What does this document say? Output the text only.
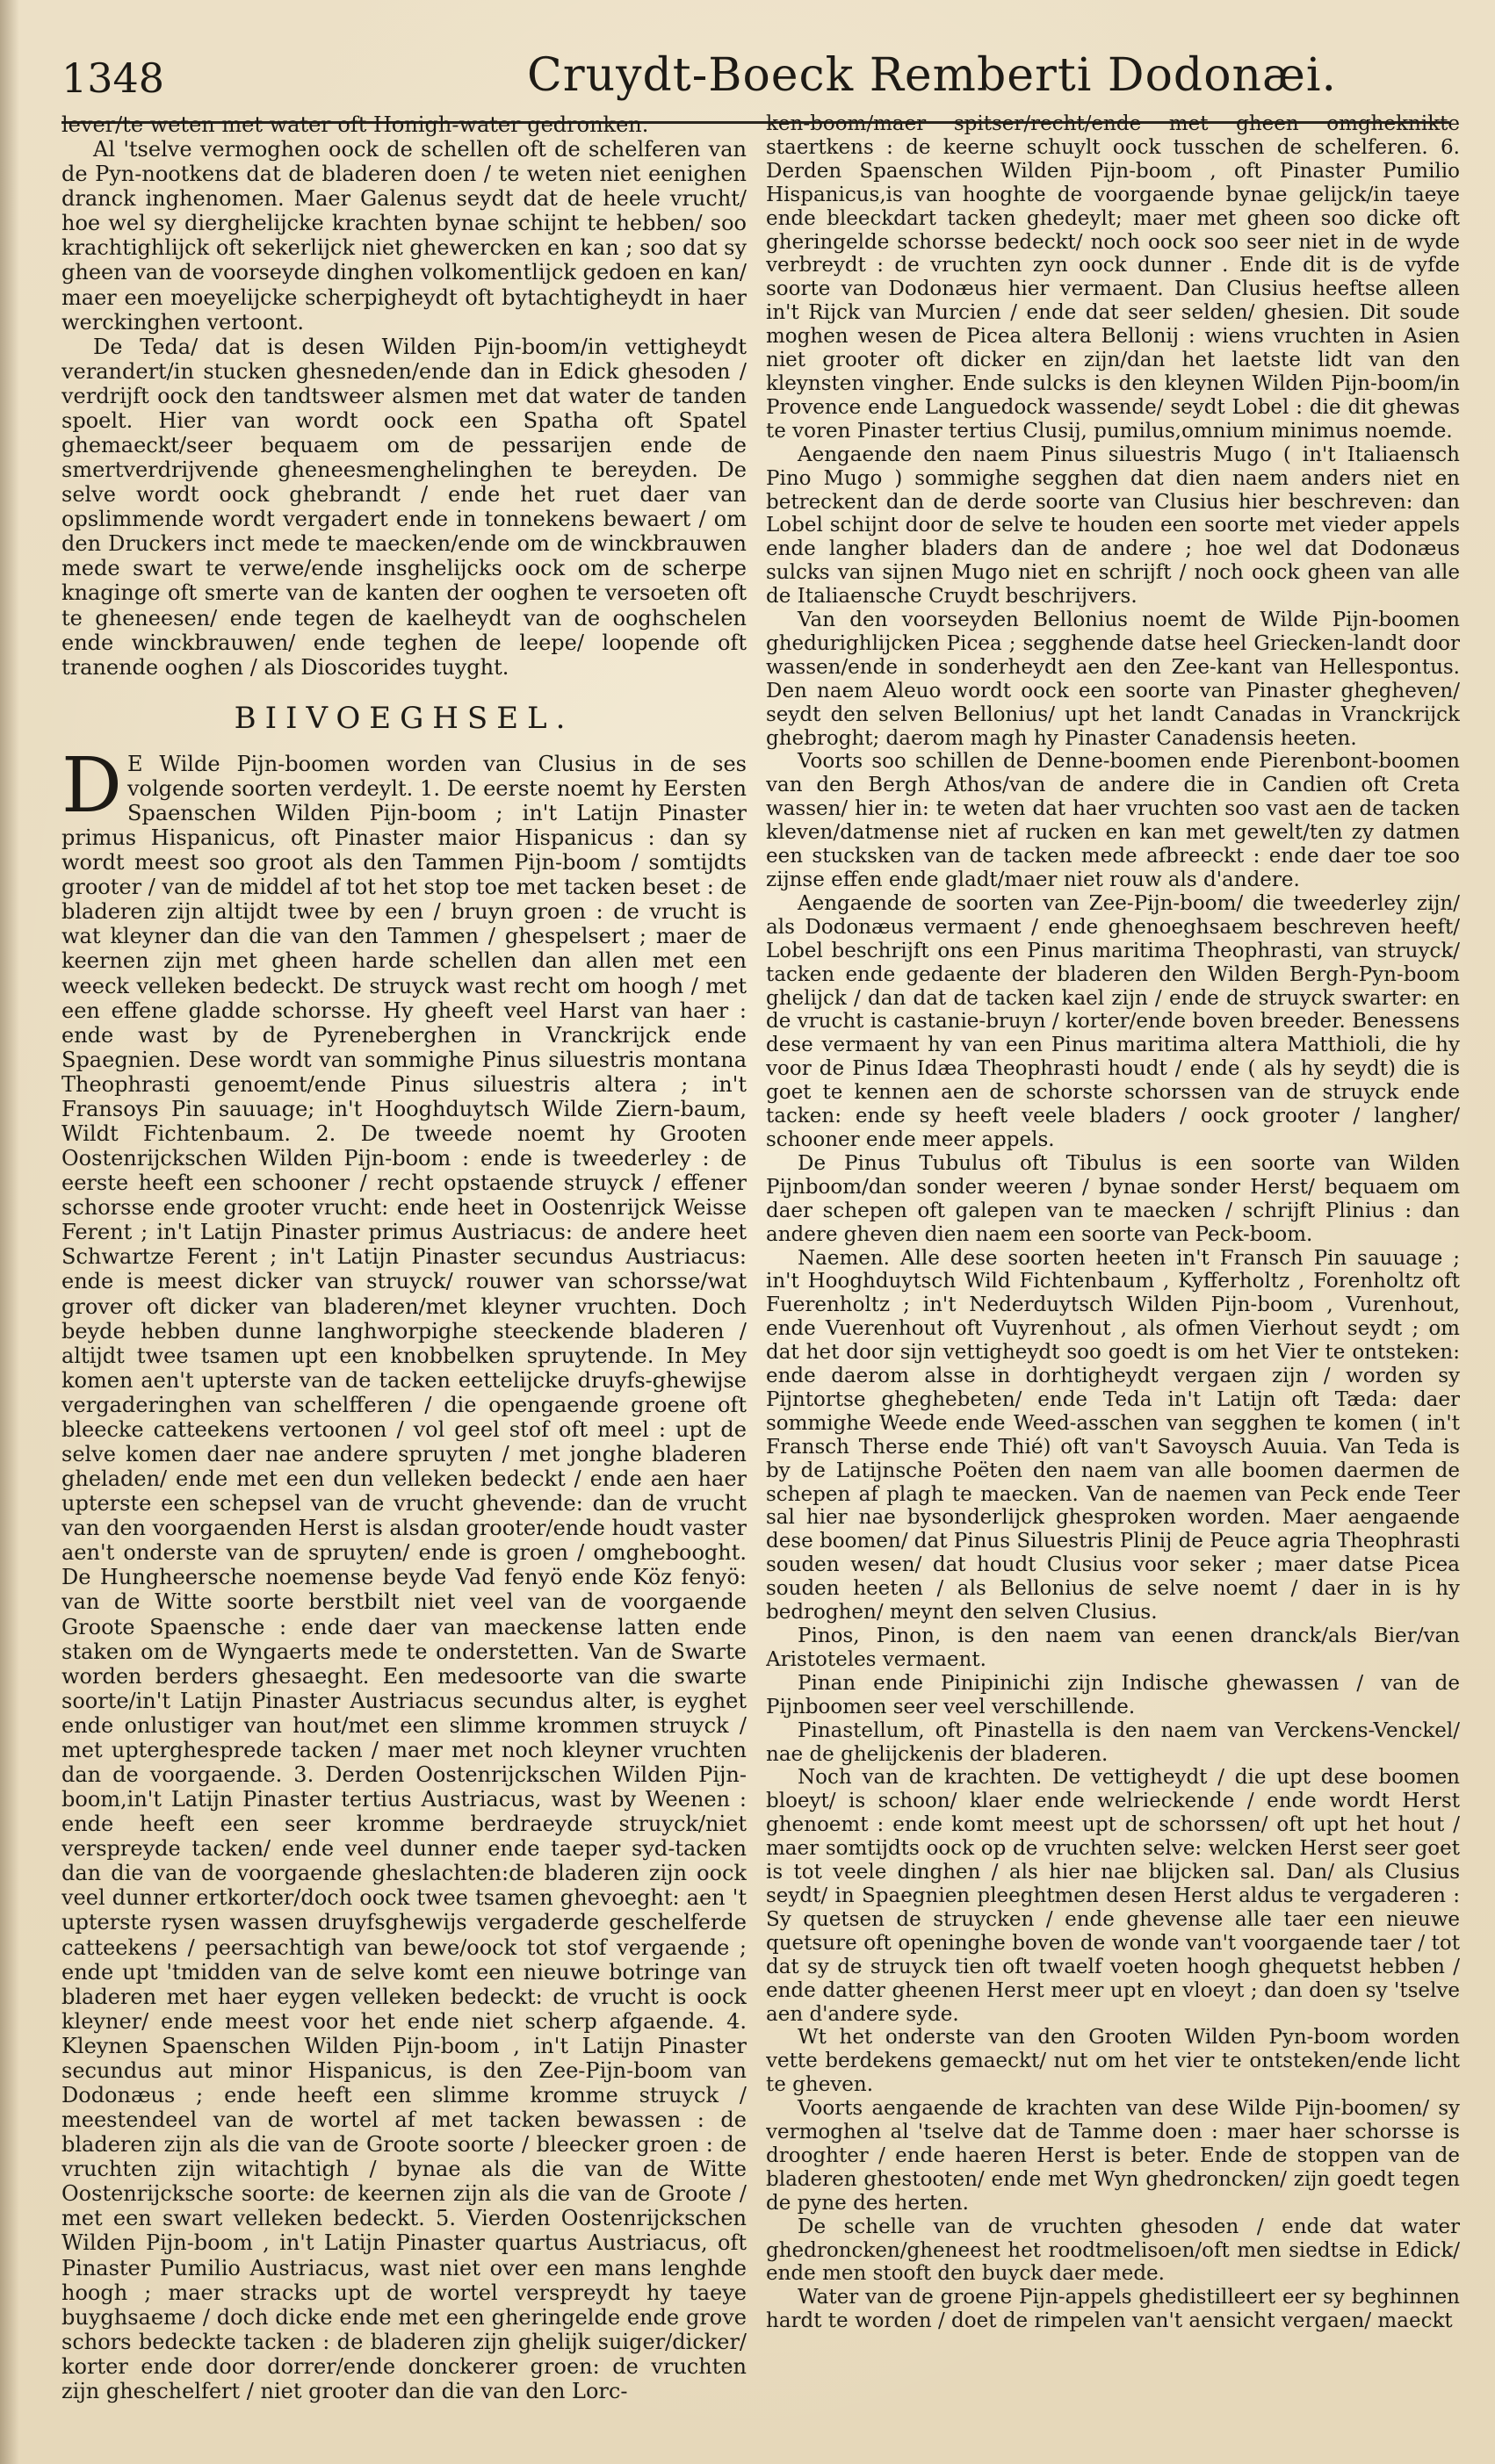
1348	Cruydt-Boeck Remberti Dodonæi.

lever/te weten met water oft Honigh-water gedronken.

Al 'tselve vermoghen oock de schellen oft de schelferen van de Pyn-nootkens dat de bladeren doen / te weten niet eenighen dranck inghenomen. Maer Galenus seydt dat de heele vrucht/ hoe wel sy dierghelijcke krachten bynae schijnt te hebben/ soo krachtighlijck oft sekerlijck niet ghewercken en kan ; soo dat sy gheen van de voorseyde dinghen volkomentlijck gedoen en kan/ maer een moeyelijcke scherpigheydt oft bytachtigheydt in haer werckinghen vertoont.

De Teda/ dat is desen Wilden Pijn-boom/in vettigheydt verandert/in stucken ghesneden/ende dan in Edick ghesoden / verdrijft oock den tandtswеer alsmen met dat water de tanden spoelt. Hier van wordt oock een Spatha oft Spatel ghemaeckt/seer bequaem om de pessarijen ende de smertverdrijvende gheneesmenghelinghen te bereyden. De selve wordt oock ghebrandt / ende het ruet daer van opslimmende wordt vergadert ende in tonnekens bewaert / om den Druckers inct mede te maecken/ende om de winckbrauwen mede swart te verwe/ende insghelijcks oock om de scherpe knaginge oft smerte van de kanten der ooghen te versoeten oft te gheneesen/ ende tegen de kaelheydt van de ooghschelen ende winckbrauwen/ ende teghen de leepe/ loopende oft tranende ooghen / als Dioscorides tuyght.

BIIVOEGHSEL.

D E Wilde Pijn-boomen worden van Clusius in de ses volgende soorten verdeylt. 1. De eerste noemt hy Eersten Spaenschen Wilden Pijn-boom ; in't Latijn Pinaster primus Hispanicus, oft Pinaster maior Hispanicus : dan sy wordt meest soo groot als den Tammen Pijn-boom / somtijdts grooter / van de middel af tot het stop toe met tacken beset : de bladeren zijn altijdt twee by een / bruyn groen : de vrucht is wat kleyner dan die van den Tammen / ghespelsert ; maer de keernen zijn met gheen harde schellen dan allen met een weeck velleken bedeckt. De struyck wast recht om hoogh / met een effene gladde schorsse. Hy gheeft veel Harst van haer : ende wast by de Pyreneberghen in Vranckrijck ende Spaegnien. Dese wordt van sommighe Pinus siluestris montana Theophrasti genoemt/ende Pinus siluestris altera ; in't Fransoys Pin sauuage; in't Hooghduytsch Wilde Ziern-baum, Wildt Fichtenbaum. 2. De tweede noemt hy Grooten Oostenrijckschen Wilden Pijn-boom : ende is tweederley : de eerste heeft een schooner / recht opstaende struyck / effener schorsse ende grooter vrucht: ende heet in Oostenrijck Weisse Ferent ; in't Latijn Pinaster primus Austriacus: de andere heet Schwartze Ferent ; in't Latijn Pinaster secundus Austriacus: ende is meest dicker van struyck/ rouwer van schorsse/wat grover oft dicker van bladeren/met kleyner vruchten. Doch beyde hebben dunne langhworpighe steeckende bladeren / altijdt twee tsamen upt een knobbelken spruytende. In Mey komen aen't upterste van de tacken eettelijcke druyfs-ghewijse vergaderinghen van schelfferen / die opengaende groene oft bleecke catteekens vertoonen / vol geel stof oft meel : upt de selve komen daer nae andere spruyten / met jonghe bladeren gheladen/ ende met een dun velleken bedeckt / ende aen haer upterste een schepsel van de vrucht ghevende: dan de vrucht van den voorgaenden Herst is alsdan grooter/ende houdt vaster aen't onderste van de spruyten/ ende is groen / omghebooght. De Hungheersche noemense beyde Vad fenyö ende Köz fenyö: van de Witte soorte berstbilt niet veel van de voorgaende Groote Spaensche : ende daer van maeckense latten ende staken om de Wyngaerts mede te onderstetten. Van de Swarte worden berders ghesaeght. Een medesoorte van die swarte soorte/in't Latijn Pinaster Austriacus secundus alter, is eyghet ende onlustiger van hout/met een slimme krommen struyck / met upterghesprede tacken / maer met noch kleyner vruchten dan de voorgaende. 3. Derden Oostenrijckschen Wilden Pijn-boom,in't Latijn Pinaster tertius Austriacus, wast by Weenen : ende heeft een seer kromme berdraeyde struyck/niet verspreyde tacken/ ende veel dunner ende taeper syd-tacken dan die van de voorgaende gheslachten:de bladeren zijn oock veel dunner ertkorter/doch oock twee tsamen ghevoeght: aen 't upterste rysen wassen druyfsghewijs vergaderde geschelferde catteekens / peersachtigh van bewe/oock tot stof vergaende ; ende upt 'tmidden van de selve komt een nieuwe botringe van bladeren met haer eygen velleken bedeckt: de vrucht is oock kleyner/ ende meest voor het ende niet scherp afgaende. 4. Kleynen Spaenschen Wilden Pijn-boom , in't Latijn Pinaster secundus aut minor Hispanicus, is den Zee-Pijn-boom van Dodonæus ; ende heeft een slimme kromme struyck / meestendeel van de wortel af met tacken bewassen : de bladeren zijn als die van de Groote soorte / bleecker groen : de vruchten zijn witachtigh / bynae als die van de Witte Oostenrijcksche soorte: de keernen zijn als die van de Groote / met een swart velleken bedeckt. 5. Vierden Oostenrijckschen Wilden Pijn-boom , in't Latijn Pinaster quartus Austriacus, oft Pinaster Pumilio Austriacus, wast niet over een mans lenghde hoogh ; maer stracks upt de wortel verspreydt hy taeye buyghsaeme / doch dicke ende met een gheringelde ende grove schors bedeckte tacken : de bladeren zijn ghelijk suiger/dicker/ korter ende door dorrer/ende donckerer groen: de vruchten zijn gheschelfert / niet grooter dan die van den Lorc-

ken-boom/maer spitser/recht/ende met gheen omgheknikte staertkens : de keerne schuylt oock tusschen de schelferen. 6. Derden Spaenschen Wilden Pijn-boom , oft Pinaster Pumilio Hispanicus,is van hooghte de voorgaende bynae gelijck/in taeye ende bleeckdart tacken ghedeylt; maer met gheen soo dicke oft gheringelde schorsse bedeckt/ noch oock soo seer niet in de wyde verbreydt : de vruchten zyn oock dunner . Ende dit is de vyfde soorte van Dodonæus hier vermaent. Dan Clusius heeftse alleen in't Rijck van Murcien / ende dat seer selden/ ghesien. Dit soude moghen wesen de Picea altera Bellonij : wiens vruchten in Asien niet grooter oft dicker en zijn/dan het laetste lidt van den kleynsten vingher. Ende sulcks is den kleynen Wilden Pijn-boom/in Provence ende Languedock wassende/ seydt Lobel : die dit ghewas te voren Pinaster tertius Clusij, pumilus,omnium minimus noemde.

Aengaende den naem Pinus siluestris Mugo ( in't Italiaensch Pino Mugo ) sommighe segghen dat dien naem anders niet en betreckent dan de derde soorte van Clusius hier beschreven: dan Lobel schijnt door de selve te houden een soorte met vieder appels ende langher bladers dan de andere ; hoe wel dat Dodonæus sulcks van sijnen Mugo niet en schrijft / noch oock gheen van alle de Italiaensche Cruydt beschrijvers.

Van den voorseyden Bellonius noemt de Wilde Pijn-boomen ghedurighlijcken Picea ; segghende datse heel Griecken-landt door wassen/ende in sonderheydt aen den Zee-kant van Hellespontus. Den naem Aleuo wordt oock een soorte van Pinaster ghegheven/ seydt den selven Bellonius/ upt het landt Canadas in Vranckrijck ghebroght; daerom magh hy Pinaster Canadensis heeten.

Voorts soo schillen de Denne-boomen ende Pierenbont-boomen van den Bergh Athos/van de andere die in Candien oft Creta wassen/ hier in: te weten dat haer vruchten soo vast aen de tacken kleven/datmense niet af rucken en kan met gewelt/ten zy datmen een stucksken van de tacken mede afbreeckt : ende daer toe soo zijnse effen ende gladt/maer niet rouw als d'andere.

Aengaende de soorten van Zee-Pijn-boom/ die tweederley zijn/ als Dodonæus vermaent / ende ghenoeghsaem beschreven heeft/ Lobel beschrijft ons een Pinus maritima Theophrasti, van struyck/ tacken ende gedaente der bladeren den Wilden Bergh-Pyn-boom ghelijck / dan dat de tacken kael zijn / ende de struyck swarter: en de vrucht is castanie-bruyn / korter/ende boven breeder. Benessens dese vermaent hy van een Pinus maritima altera Matthioli, die hy voor de Pinus Idæa Theophrasti houdt / ende ( als hy seydt) die is goet te kennen aen de schorste schorssen van de struyck ende tacken: ende sy heeft veele bladers / oock grooter / langher/ schooner ende meer appels.

De Pinus Tubulus oft Tibulus is een soorte van Wilden Pijnboom/dan sonder weeren / bynae sonder Herst/ bequaem om daer schepen oft galepen van te maecken / schrijft Plinius : dan andere gheven dien naem een soorte van Peck-boom.

Naemen. Alle dese soorten heeten in't Fransch Pin sauuage ; in't Hooghduytsch Wild Fichtenbaum , Kyfferholtz , Forenholtz oft Fuerenholtz ; in't Nederduytsch Wilden Pijn-boom , Vurenhout, ende Vuerenhout oft Vuyrenhout , als ofmen Vierhout seydt ; om dat het door sijn vettigheydt soo goedt is om het Vier te ontsteken: ende daerom alsse in dorhtigheydt vergaen zijn / worden sy Pijntortse gheghebeten/ ende Teda in't Latijn oft Tæda: daer sommighe Weede ende Weed-asschen van segghen te komen ( in't Fransch Therse ende Thié) oft van't Savoysch Auuia. Van Teda is by de Latijnsche Poëten den naem van alle boomen daermen de schepen af plagh te maecken. Van de naemen van Peck ende Teer sal hier nae bysonderlijck ghesproken worden. Maer aengaende dese boomen/ dat Pinus Siluestris Plinij de Peuce agria Theophrasti souden wesen/ dat houdt Clusius voor seker ; maer datse Picea souden heeten / als Bellonius de selve noemt / daer in is hy bedroghen/ meynt den selven Clusius.

Pinos, Pinon, is den naem van eenen dranck/als Bier/van Aristoteles vermaent.

Pinan ende Pinipinichi zijn Indische ghewassen / van de Pijnboomen seer veel verschillende.

Pinastellum, oft Pinastella is den naem van Verckens-Venckel/ nae de ghelijckenis der bladeren.

Noch van de krachten. De vettigheydt / die upt dese boomen bloeyt/ is schoon/ klaer ende welrieckende / ende wordt Herst ghenoemt : ende komt meest upt de schorssen/ oft upt het hout / maer somtijdts oock op de vruchten selve: welcken Herst seer goet is tot veele dinghen / als hier nae blijcken sal. Dan/ als Clusius seydt/ in Spaegnien pleeghtmen desen Herst aldus te vergaderen : Sy quetsen de struycken / ende ghevense alle taer een nieuwe quetsure oft openinghe boven de wonde van't voorgaende taer / tot dat sy de struyck tien oft twaelf voeten hoogh ghequetst hebben / ende datter gheenen Herst meer upt en vloeyt ; dan doen sy 'tselve aen d'andere syde.

Wt het onderste van den Grooten Wilden Pyn-boom worden vette berdekens gemaeckt/ nut om het vier te ontsteken/ende licht te gheven.

Voorts aengaende de krachten van dese Wilde Pijn-boomen/ sy vermoghen al 'tselve dat de Tamme doen : maer haer schorsse is drooghter / ende haeren Herst is beter. Ende de stoppen van de bladeren ghestooten/ ende met Wyn ghedroncken/ zijn goedt tegen de pyne des herten.

De schelle van de vruchten ghesoden / ende dat water ghedroncken/gheneest het roodtmelisoen/oft men siedtse in Edick/ ende men stooft den buyck daer mede.

Water van de groene Pijn-appels ghedistilleert eer sy beghinnen hardt te worden / doet de rimpelen van't aensicht vergaen/ maeckt
